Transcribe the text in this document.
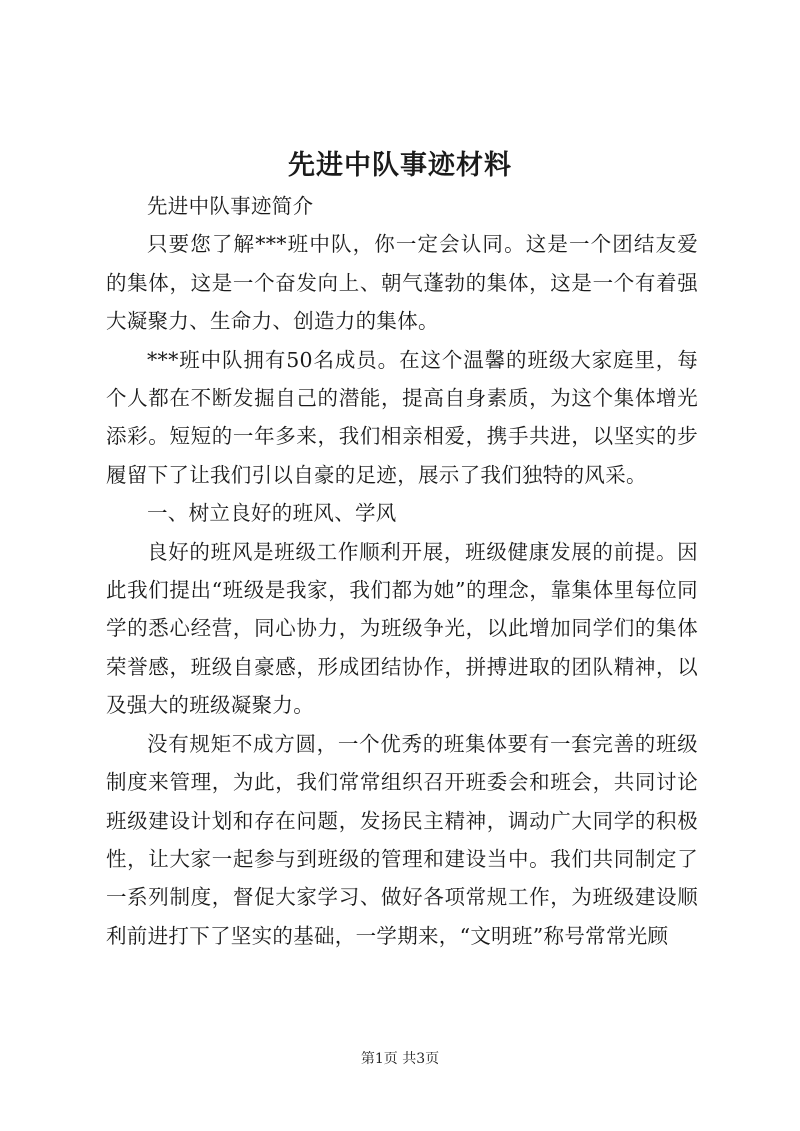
先进中队事迹材料

先进中队事迹简介

只要您了解***班中队，你一定会认同。这是一个团结友爱的集体，这是一个奋发向上、朝气蓬勃的集体，这是一个有着强大凝聚力、生命力、创造力的集体。

***班中队拥有50名成员。在这个温馨的班级大家庭里，每个人都在不断发掘自己的潜能，提高自身素质，为这个集体增光添彩。短短的一年多来，我们相亲相爱，携手共进，以坚实的步履留下了让我们引以自豪的足迹，展示了我们独特的风采。

一、树立良好的班风、学风

良好的班风是班级工作顺利开展，班级健康发展的前提。因此我们提出“班级是我家，我们都为她”的理念，靠集体里每位同学的悉心经营，同心协力，为班级争光，以此增加同学们的集体荣誉感，班级自豪感，形成团结协作，拼搏进取的团队精神，以及强大的班级凝聚力。

没有规矩不成方圆，一个优秀的班集体要有一套完善的班级制度来管理，为此，我们常常组织召开班委会和班会，共同讨论班级建设计划和存在问题，发扬民主精神，调动广大同学的积极性，让大家一起参与到班级的管理和建设当中。我们共同制定了一系列制度，督促大家学习、做好各项常规工作，为班级建设顺利前进打下了坚实的基础，一学期来，“文明班”称号常常光顾

第1页 共3页
